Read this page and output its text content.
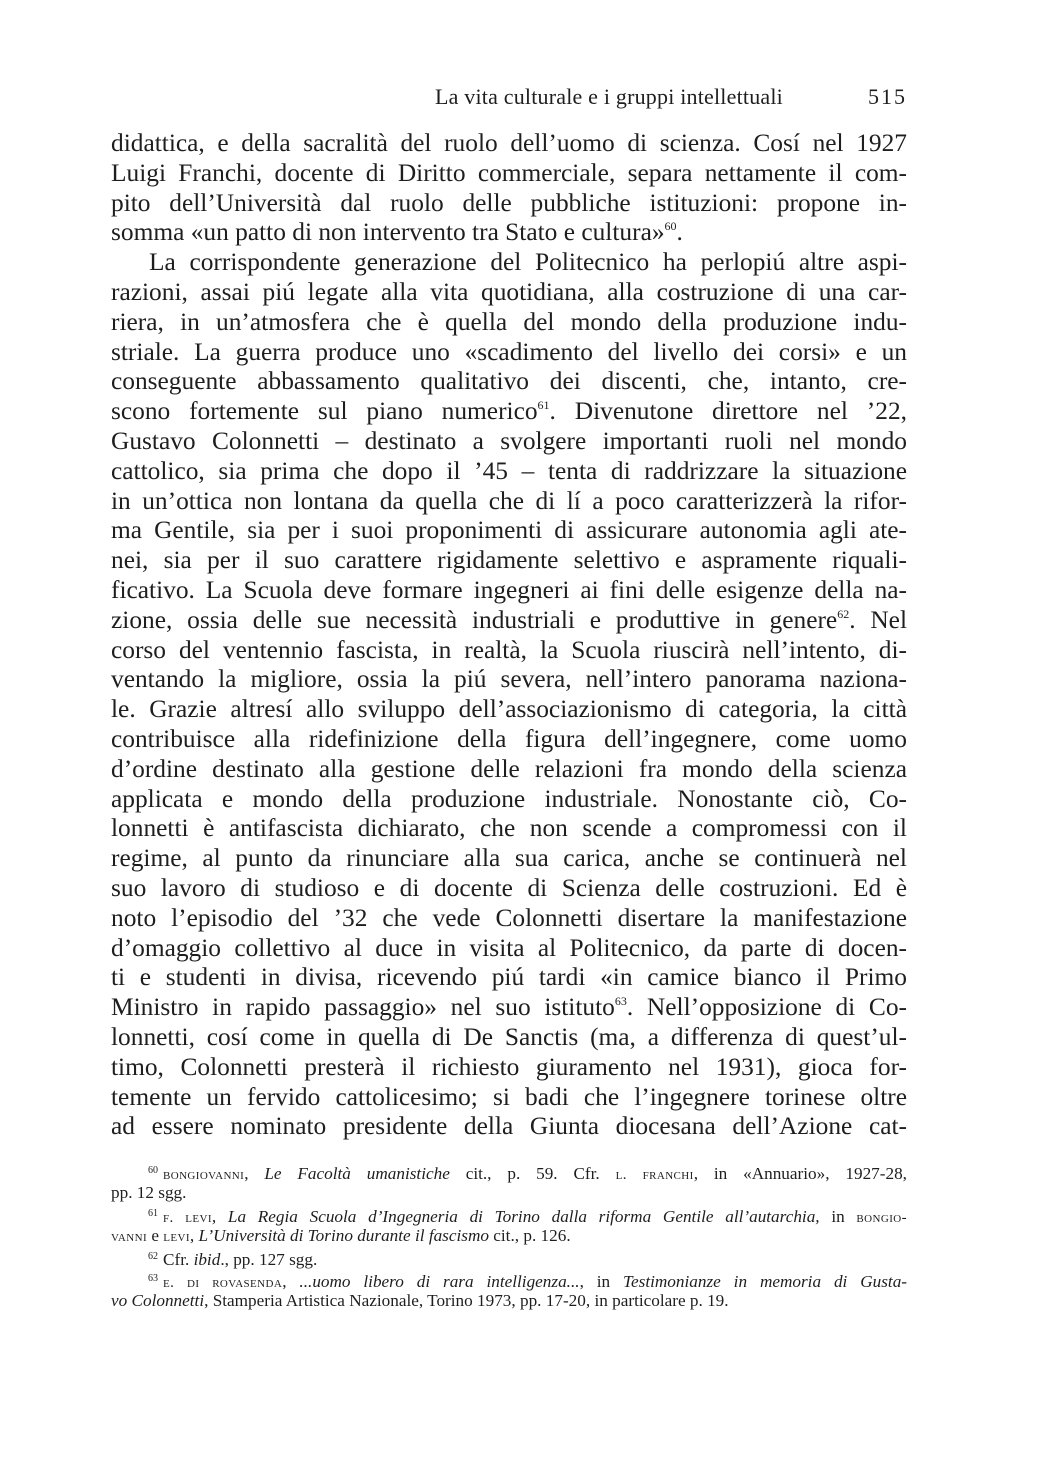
La vita culturale e i gruppi intellettuali	515
didattica, e della sacralità del ruolo dell’uomo di scienza. Cosí nel 1927
Luigi Franchi, docente di Diritto commerciale, separa nettamente il com-
pito dell’Università dal ruolo delle pubbliche istituzioni: propone in-
somma «un patto di non intervento tra Stato e cultura»$^{60}$.
La corrispondente generazione del Politecnico ha perlopiú altre aspi-
razioni, assai piú legate alla vita quotidiana, alla costruzione di una car-
riera, in un’atmosfera che è quella del mondo della produzione indu-
striale. La guerra produce uno «scadimento del livello dei corsi» e un
conseguente abbassamento qualitativo dei discenti, che, intanto, cre-
scono fortemente sul piano numerico$^{61}$. Divenutone direttore nel ’22,
Gustavo Colonnetti – destinato a svolgere importanti ruoli nel mondo
cattolico, sia prima che dopo il ’45 – tenta di raddrizzare la situazione
in un’ottica non lontana da quella che di lí a poco caratterizzerà la rifor-
ma Gentile, sia per i suoi proponimenti di assicurare autonomia agli ate-
nei, sia per il suo carattere rigidamente selettivo e aspramente riquali-
ficativo. La Scuola deve formare ingegneri ai fini delle esigenze della na-
zione, ossia delle sue necessità industriali e produttive in genere$^{62}$. Nel
corso del ventennio fascista, in realtà, la Scuola riuscirà nell’intento, di-
ventando la migliore, ossia la piú severa, nell’intero panorama naziona-
le. Grazie altresí allo sviluppo dell’associazionismo di categoria, la città
contribuisce alla ridefinizione della figura dell’ingegnere, come uomo
d’ordine destinato alla gestione delle relazioni fra mondo della scienza
applicata e mondo della produzione industriale. Nonostante ciò, Co-
lonnetti è antifascista dichiarato, che non scende a compromessi con il
regime, al punto da rinunciare alla sua carica, anche se continuerà nel
suo lavoro di studioso e di docente di Scienza delle costruzioni. Ed è
noto l’episodio del ’32 che vede Colonnetti disertare la manifestazione
d’omaggio collettivo al duce in visita al Politecnico, da parte di docen-
ti e studenti in divisa, ricevendo piú tardi «in camice bianco il Primo
Ministro in rapido passaggio» nel suo istituto$^{63}$. Nell’opposizione di Co-
lonnetti, cosí come in quella di De Sanctis (ma, a differenza di quest’ul-
timo, Colonnetti presterà il richiesto giuramento nel 1931), gioca for-
temente un fervido cattolicesimo; si badi che l’ingegnere torinese oltre
ad essere nominato presidente della Giunta diocesana dell’Azione cat-
$^{60}$ bongiovanni, Le Facoltà umanistiche cit., p. 59. Cfr. l. franchi, in «Annuario», 1927-28,
pp. 12 sgg.
$^{61}$ f. levi, La Regia Scuola d’Ingegneria di Torino dalla riforma Gentile all’autarchia, in bongio-
vanni e levi, L’Università di Torino durante il fascismo cit., p. 126.
$^{62}$ Cfr. ibid., pp. 127 sgg.
$^{63}$ e. di rovasenda, ...uomo libero di rara intelligenza..., in Testimonianze in memoria di Gusta-
vo Colonnetti, Stamperia Artistica Nazionale, Torino 1973, pp. 17-20, in particolare p. 19.
